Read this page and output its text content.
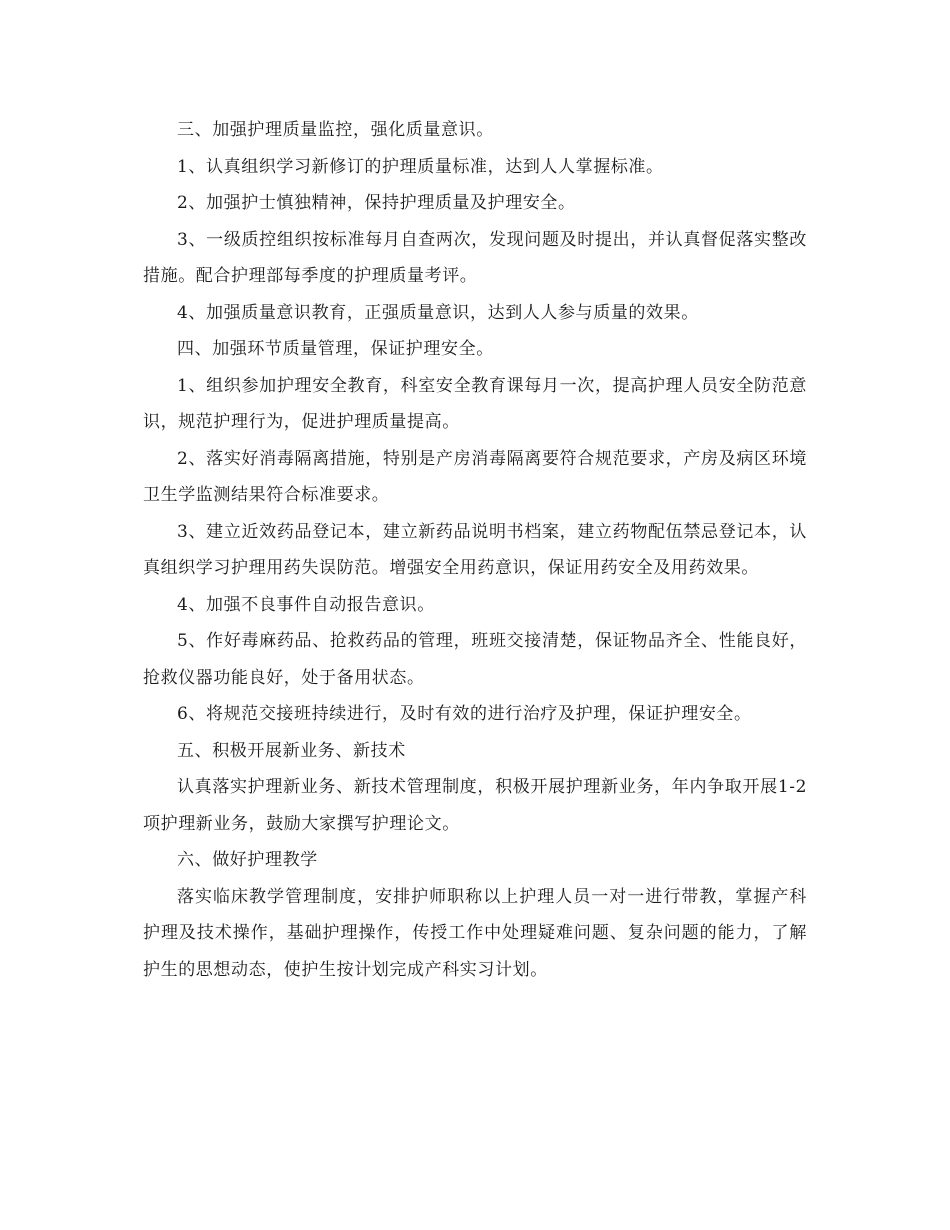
三、加强护理质量监控，强化质量意识。

1、认真组织学习新修订的护理质量标准，达到人人掌握标准。

2、加强护士慎独精神，保持护理质量及护理安全。

3、一级质控组织按标准每月自查两次，发现问题及时提出，并认真督促落实整改措施。配合护理部每季度的护理质量考评。

4、加强质量意识教育，正强质量意识，达到人人参与质量的效果。

四、加强环节质量管理，保证护理安全。

1、组织参加护理安全教育，科室安全教育课每月一次，提高护理人员安全防范意识，规范护理行为，促进护理质量提高。

2、落实好消毒隔离措施，特别是产房消毒隔离要符合规范要求，产房及病区环境卫生学监测结果符合标准要求。

3、建立近效药品登记本，建立新药品说明书档案，建立药物配伍禁忌登记本，认真组织学习护理用药失误防范。增强安全用药意识，保证用药安全及用药效果。

4、加强不良事件自动报告意识。

5、作好毒麻药品、抢救药品的管理，班班交接清楚，保证物品齐全、性能良好，抢救仪器功能良好，处于备用状态。

6、将规范交接班持续进行，及时有效的进行治疗及护理，保证护理安全。

五、积极开展新业务、新技术

认真落实护理新业务、新技术管理制度，积极开展护理新业务，年内争取开展1-2项护理新业务，鼓励大家撰写护理论文。

六、做好护理教学

落实临床教学管理制度，安排护师职称以上护理人员一对一进行带教，掌握产科护理及技术操作，基础护理操作，传授工作中处理疑难问题、复杂问题的能力，了解护生的思想动态，使护生按计划完成产科实习计划。
